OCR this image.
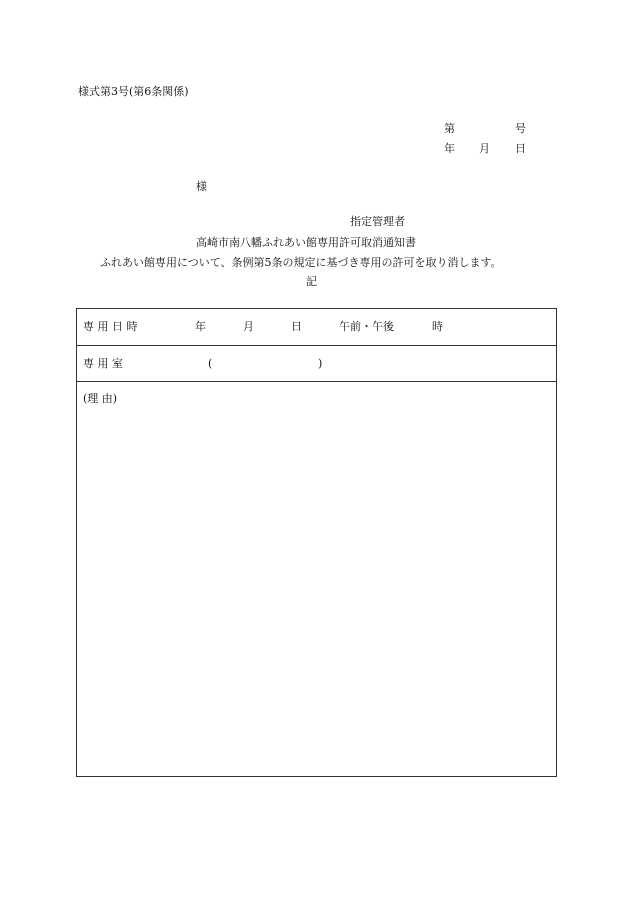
様式第3号(第6条関係)
第	号
年 月 日
様
指定管理者
高崎市南八幡ふれあい館専用許可取消通知書
ふれあい館専用について、条例第5条の規定に基づき専用の許可を取り消します。
記
専 用 日 時	年	月	日	午前・午後	時
専 用 室	(	)
(理 由)
